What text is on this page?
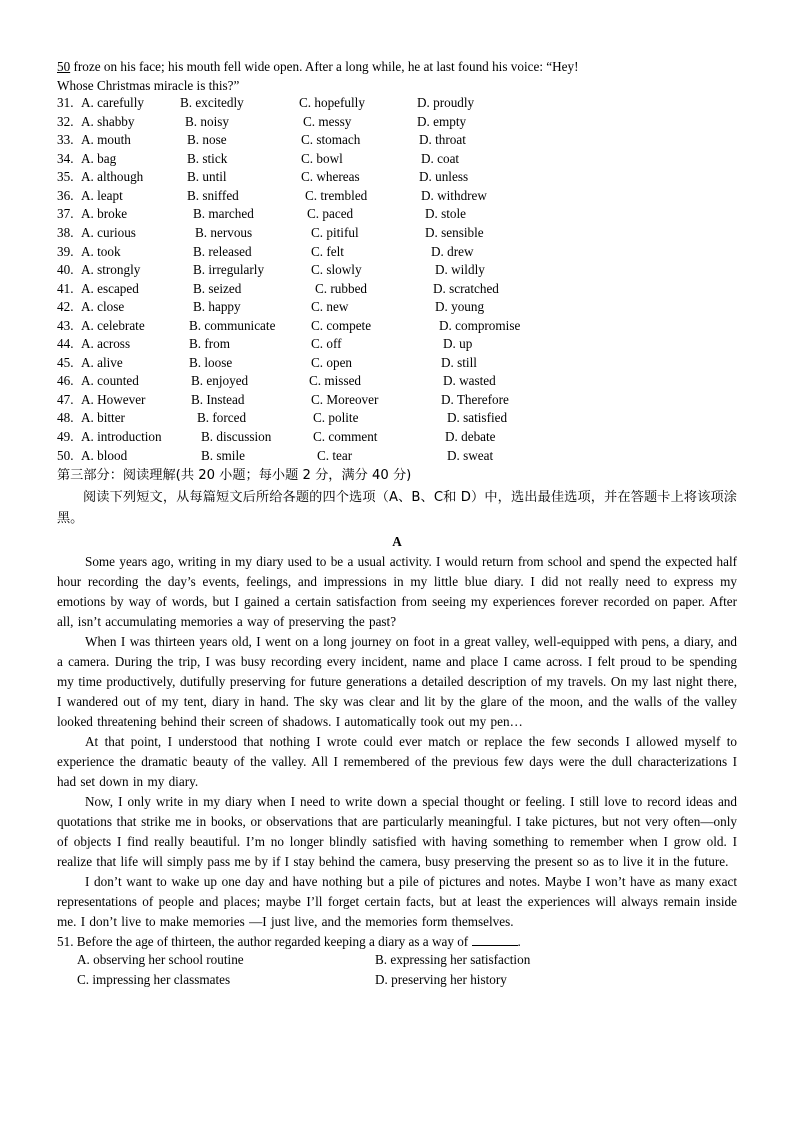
50 froze on his face; his mouth fell wide open. After a long while, he at last found his voice: “Hey!
Whose Christmas miracle is this?”
31. A. carefully	B. excitedly	C. hopefully	D. proudly
32. A. shabby	B. noisy	C. messy	D. empty
33. A. mouth	B. nose	C. stomach	D. throat
34. A. bag	B. stick	C. bowl	D. coat
35. A. although	B. until	C. whereas	D. unless
36. A. leapt	B. sniffed	C. trembled	D. withdrew
37. A. broke	B. marched	C. paced	D. stole
38. A. curious	B. nervous	C. pitiful	D. sensible
39. A. took	B. released	C. felt	D. drew
40. A. strongly	B. irregularly	C. slowly	D. wildly
41. A. escaped	B. seized	C. rubbed	D. scratched
42. A. close	B. happy	C. new	D. young
43. A. celebrate	B. communicate	C. compete	D. compromise
44. A. across	B. from	C. off	D. up
45. A. alive	B. loose	C. open	D. still
46. A. counted	B. enjoyed	C. missed	D. wasted
47. A. However	B. Instead	C. Moreover	D. Therefore
48. A. bitter	B. forced	C. polite	D. satisfied
49. A. introduction	B. discussion	C. comment	D. debate
50. A. blood	B. smile	C. tear	D. sweat
第三部分：阅读理解(共 20 小题；每小题 2 分，满分 40 分)
阅读下列短文，从每篇短文后所给各题的四个选项（A、B、C和 D）中，选出最佳选项，并在答题卡上将该项涂黑。
A
Some years ago, writing in my diary used to be a usual activity. I would return from school and spend the expected half hour recording the day’s events, feelings, and impressions in my little blue diary. I did not really need to express my emotions by way of words, but I gained a certain satisfaction from seeing my experiences forever recorded on paper. After all, isn’t accumulating memories a way of preserving the past?
When I was thirteen years old, I went on a long journey on foot in a great valley, well-equipped with pens, a diary, and a camera. During the trip, I was busy recording every incident, name and place I came across. I felt proud to be spending my time productively, dutifully preserving for future generations a detailed description of my travels. On my last night there, I wandered out of my tent, diary in hand. The sky was clear and lit by the glare of the moon, and the walls of the valley looked threatening behind their screen of shadows. I automatically took out my pen…
At that point, I understood that nothing I wrote could ever match or replace the few seconds I allowed myself to experience the dramatic beauty of the valley. All I remembered of the previous few days were the dull characterizations I had set down in my diary.
Now, I only write in my diary when I need to write down a special thought or feeling. I still love to record ideas and quotations that strike me in books, or observations that are particularly meaningful. I take pictures, but not very often—only of objects I find really beautiful. I’m no longer blindly satisfied with having something to remember when I grow old. I realize that life will simply pass me by if I stay behind the camera, busy preserving the present so as to live it in the future.
I don’t want to wake up one day and have nothing but a pile of pictures and notes. Maybe I won’t have as many exact representations of people and places; maybe I’ll forget certain facts, but at least the experiences will always remain inside me. I don’t live to make memories —I just live, and the memories form themselves.
51. Before the age of thirteen, the author regarded keeping a diary as a way of	.
A. observing her school routine	B. expressing her satisfaction
C. impressing her classmates	D. preserving her history
